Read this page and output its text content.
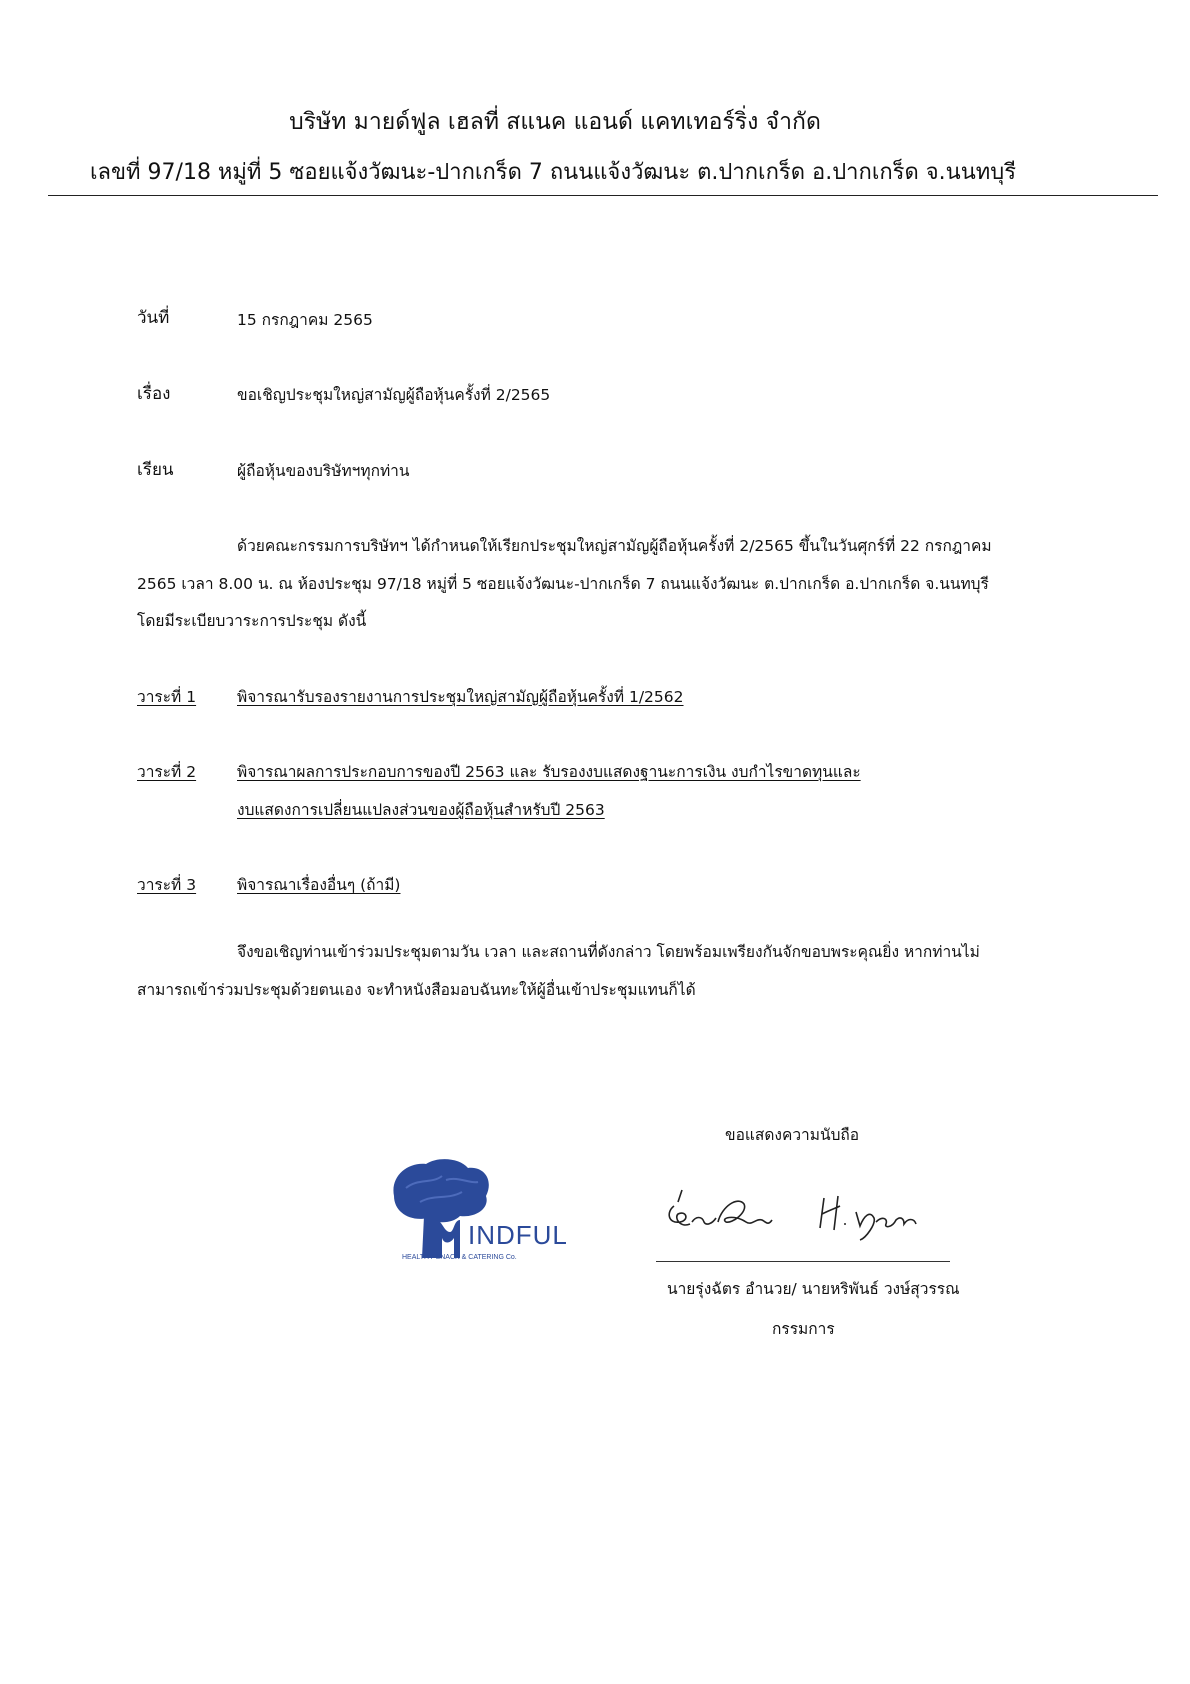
บริษัท มายด์ฟูล เฮลที่ สแนค แอนด์ แคทเทอร์ริ่ง จำกัด
เลขที่ 97/18 หมู่ที่ 5 ซอยแจ้งวัฒนะ-ปากเกร็ด 7 ถนนแจ้งวัฒนะ ต.ปากเกร็ด อ.ปากเกร็ด จ.นนทบุรี
วันที่	15 กรกฎาคม 2565
เรื่อง	ขอเชิญประชุมใหญ่สามัญผู้ถือหุ้นครั้งที่ 2/2565
เรียน	ผู้ถือหุ้นของบริษัทฯทุกท่าน
ด้วยคณะกรรมการบริษัทฯ ได้กำหนดให้เรียกประชุมใหญ่สามัญผู้ถือหุ้นครั้งที่ 2/2565 ขึ้นในวันศุกร์ที่ 22 กรกฎาคม
2565 เวลา 8.00 น. ณ ห้องประชุม 97/18 หมู่ที่ 5 ซอยแจ้งวัฒนะ-ปากเกร็ด 7 ถนนแจ้งวัฒนะ ต.ปากเกร็ด อ.ปากเกร็ด จ.นนทบุรี
โดยมีระเบียบวาระการประชุม ดังนี้
วาระที่ 1	พิจารณารับรองรายงานการประชุมใหญ่สามัญผู้ถือหุ้นครั้งที่ 1/2562
วาระที่ 2	พิจารณาผลการประกอบการของปี 2563 และ รับรองงบแสดงฐานะการเงิน งบกำไรขาดทุนและ
งบแสดงการเปลี่ยนแปลงส่วนของผู้ถือหุ้นสำหรับปี 2563
วาระที่ 3	พิจารณาเรื่องอื่นๆ (ถ้ามี)
จึงขอเชิญท่านเข้าร่วมประชุมตามวัน เวลา และสถานที่ดังกล่าว โดยพร้อมเพรียงกันจักขอบพระคุณยิ่ง หากท่านไม่
สามารถเข้าร่วมประชุมด้วยตนเอง จะทำหนังสือมอบฉันทะให้ผู้อื่นเข้าประชุมแทนก็ได้
ขอแสดงความนับถือ
INDFUL
HEALTHY SNACK & CATERING Co.
นายรุ่งฉัตร อำนวย/ นายหริพันธ์ วงษ์สุวรรณ
กรรมการ
